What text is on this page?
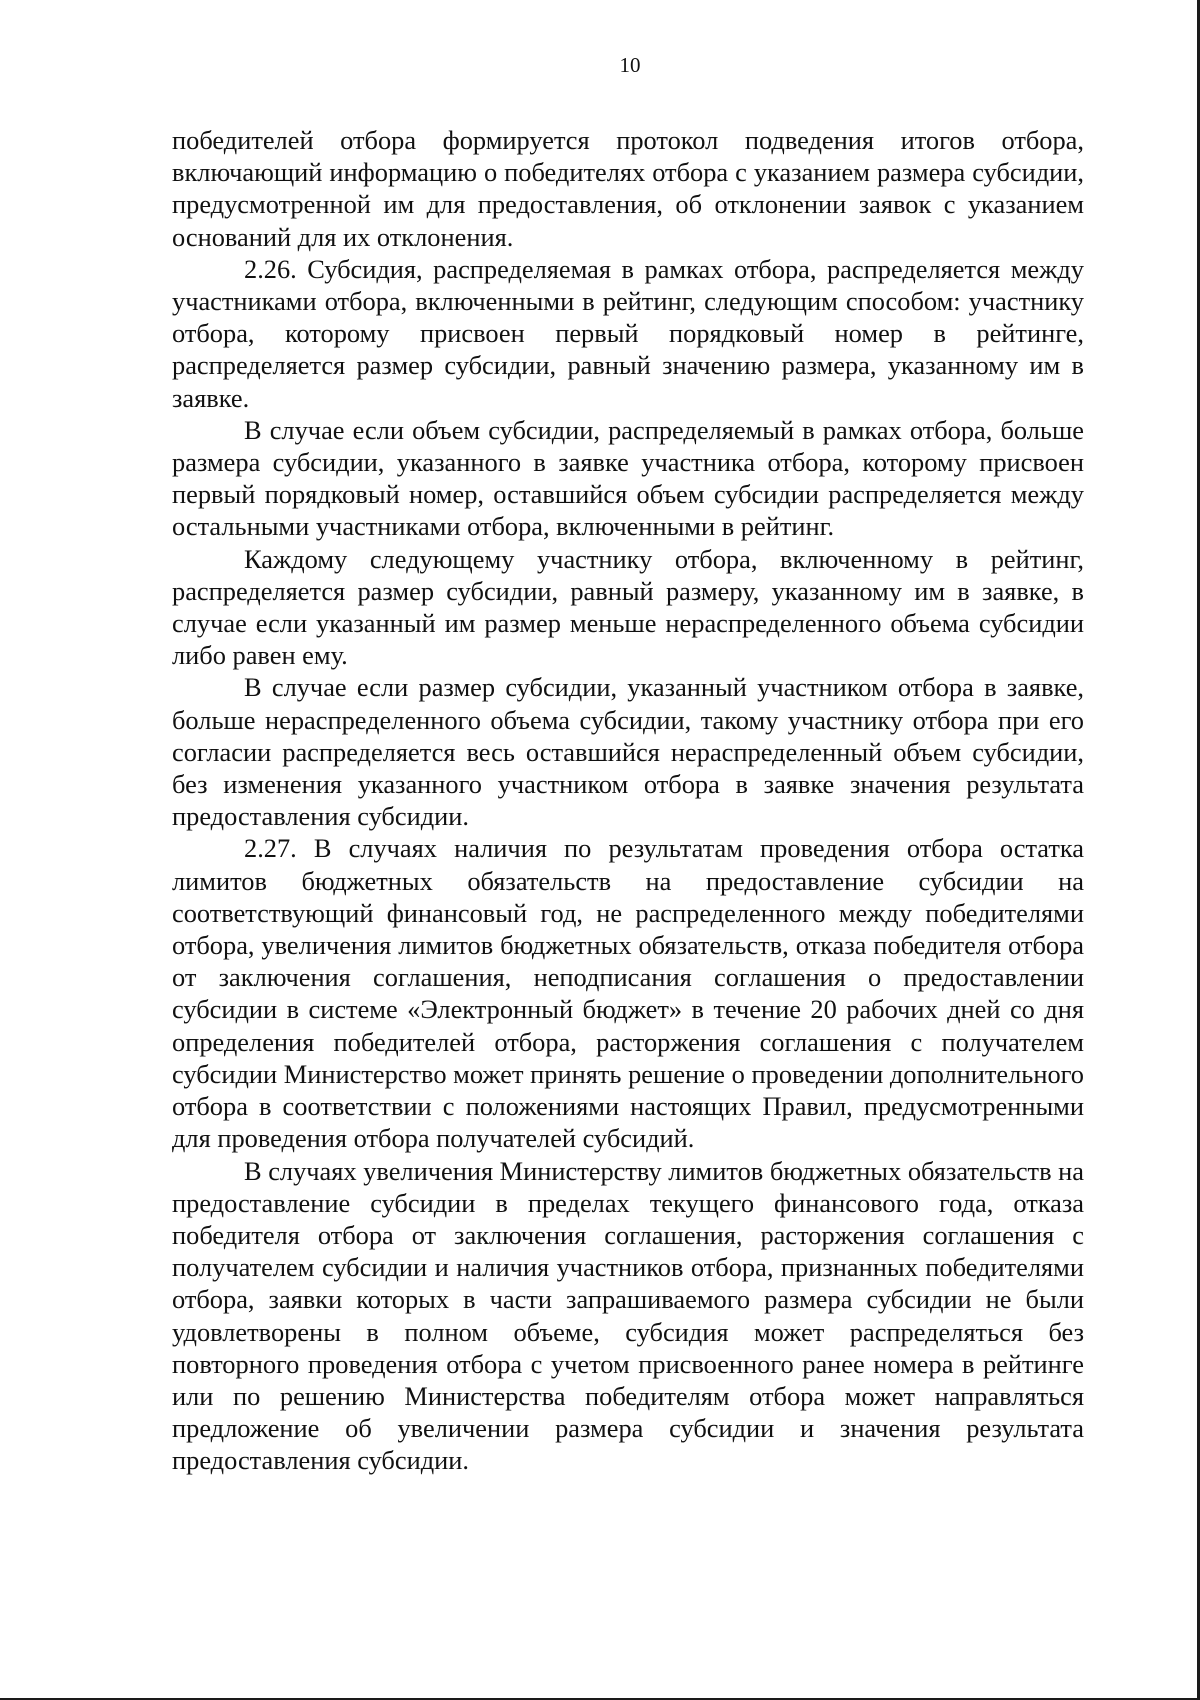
10

победителей отбора формируется протокол подведения итогов отбора, включающий информацию о победителях отбора с указанием размера субсидии, предусмотренной им для предоставления, об отклонении заявок с указанием оснований для их отклонения.

2.26. Субсидия, распределяемая в рамках отбора, распределяется между участниками отбора, включенными в рейтинг, следующим способом: участнику отбора, которому присвоен первый порядковый номер в рейтинге, распределяется размер субсидии, равный значению размера, указанному им в заявке.

В случае если объем субсидии, распределяемый в рамках отбора, больше размера субсидии, указанного в заявке участника отбора, которому присвоен первый порядковый номер, оставшийся объем субсидии распределяется между остальными участниками отбора, включенными в рейтинг.

Каждому следующему участнику отбора, включенному в рейтинг, распределяется размер субсидии, равный размеру, указанному им в заявке, в случае если указанный им размер меньше нераспределенного объема субсидии либо равен ему.

В случае если размер субсидии, указанный участником отбора в заявке, больше нераспределенного объема субсидии, такому участнику отбора при его согласии распределяется весь оставшийся нераспределенный объем субсидии, без изменения указанного участником отбора в заявке значения результата предоставления субсидии.

2.27. В случаях наличия по результатам проведения отбора остатка лимитов бюджетных обязательств на предоставление субсидии на соответствующий финансовый год, не распределенного между победителями отбора, увеличения лимитов бюджетных обязательств, отказа победителя отбора от заключения соглашения, неподписания соглашения о предоставлении субсидии в системе «Электронный бюджет» в течение 20 рабочих дней со дня определения победителей отбора, расторжения соглашения с получателем субсидии Министерство может принять решение о проведении дополнительного отбора в соответствии с положениями настоящих Правил, предусмотренными для проведения отбора получателей субсидий.

В случаях увеличения Министерству лимитов бюджетных обязательств на предоставление субсидии в пределах текущего финансового года, отказа победителя отбора от заключения соглашения, расторжения соглашения с получателем субсидии и наличия участников отбора, признанных победителями отбора, заявки которых в части запрашиваемого размера субсидии не были удовлетворены в полном объеме, субсидия может распределяться без повторного проведения отбора с учетом присвоенного ранее номера в рейтинге или по решению Министерства победителям отбора может направляться предложение об увеличении размера субсидии и значения результата предоставления субсидии.
